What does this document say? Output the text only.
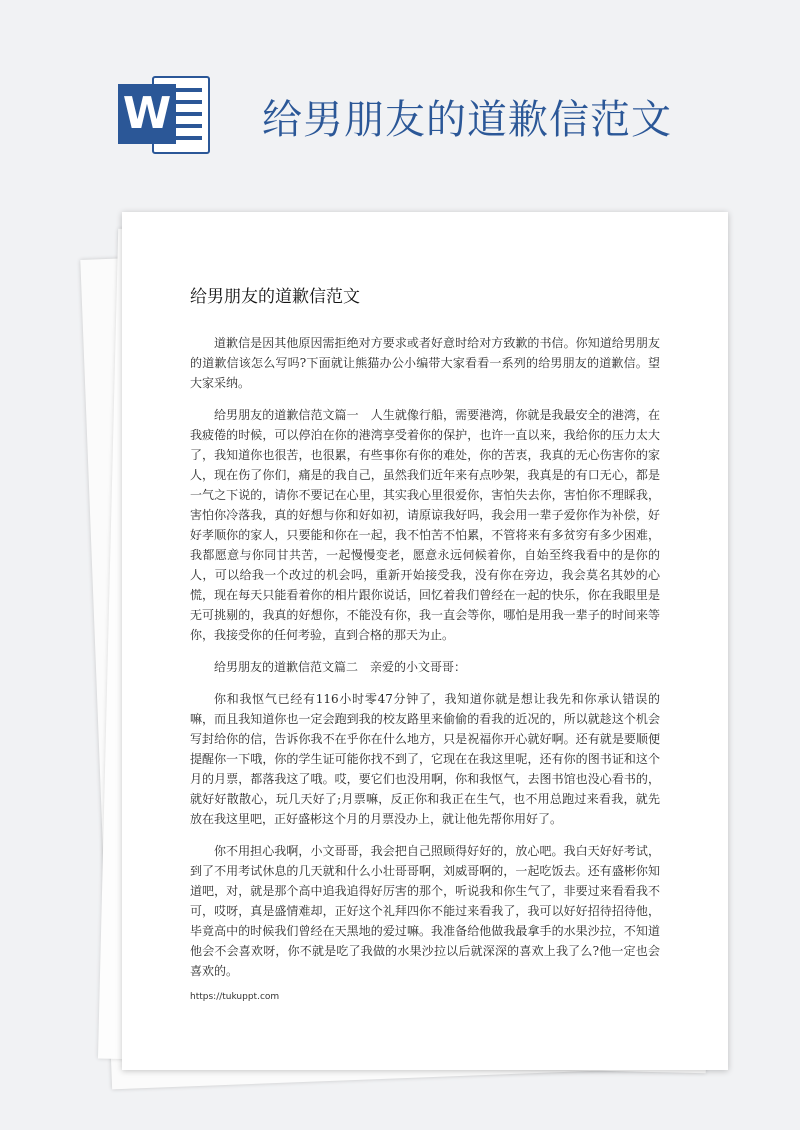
W 给男朋友的道歉信范文
给男朋友的道歉信范文

道歉信是因其他原因需拒绝对方要求或者好意时给对方致歉的书信。你知道给男朋友的道歉信该怎么写吗?下面就让熊猫办公小编带大家看看一系列的给男朋友的道歉信。望大家采纳。

给男朋友的道歉信范文篇一　人生就像行船，需要港湾，你就是我最安全的港湾，在我疲倦的时候，可以停泊在你的港湾享受着你的保护，也许一直以来，我给你的压力太大了，我知道你也很苦，也很累，有些事你有你的难处，你的苦衷，我真的无心伤害你的家人，现在伤了你们，痛是的我自己，虽然我们近年来有点吵架，我真是的有口无心，都是一气之下说的，请你不要记在心里，其实我心里很爱你，害怕失去你，害怕你不理睬我，害怕你冷落我，真的好想与你和好如初，请原谅我好吗，我会用一辈子爱你作为补偿，好好孝顺你的家人，只要能和你在一起，我不怕苦不怕累，不管将来有多贫穷有多少困难，我都愿意与你同甘共苦，一起慢慢变老，愿意永远伺候着你，自始至终我看中的是你的人，可以给我一个改过的机会吗，重新开始接受我，没有你在旁边，我会莫名其妙的心慌，现在每天只能看着你的相片跟你说话，回忆着我们曾经在一起的快乐，你在我眼里是无可挑剔的，我真的好想你，不能没有你，我一直会等你，哪怕是用我一辈子的时间来等你，我接受你的任何考验，直到合格的那天为止。

给男朋友的道歉信范文篇二　亲爱的小文哥哥：

你和我怄气已经有116小时零47分钟了，我知道你就是想让我先和你承认错误的嘛，而且我知道你也一定会跑到我的校友路里来偷偷的看我的近况的，所以就趁这个机会写封给你的信，告诉你我不在乎你在什么地方，只是祝福你开心就好啊。还有就是要顺便提醒你一下哦，你的学生证可能你找不到了，它现在在我这里呢，还有你的图书证和这个月的月票，都落我这了哦。哎，要它们也没用啊，你和我怄气，去图书馆也没心看书的，就好好散散心，玩几天好了;月票嘛，反正你和我正在生气，也不用总跑过来看我，就先放在我这里吧，正好盛彬这个月的月票没办上，就让他先帮你用好了。

你不用担心我啊，小文哥哥，我会把自己照顾得好好的，放心吧。我白天好好考试，到了不用考试休息的几天就和什么小壮哥哥啊，刘威哥啊的，一起吃饭去。还有盛彬你知道吧，对，就是那个高中追我追得好厉害的那个，听说我和你生气了，非要过来看看我不可，哎呀，真是盛情难却，正好这个礼拜四你不能过来看我了，我可以好好招待招待他，毕竟高中的时候我们曾经在天黑地的爱过嘛。我准备给他做我最拿手的水果沙拉，不知道他会不会喜欢呀，你不就是吃了我做的水果沙拉以后就深深的喜欢上我了么?他一定也会喜欢的。

https://tukuppt.com
